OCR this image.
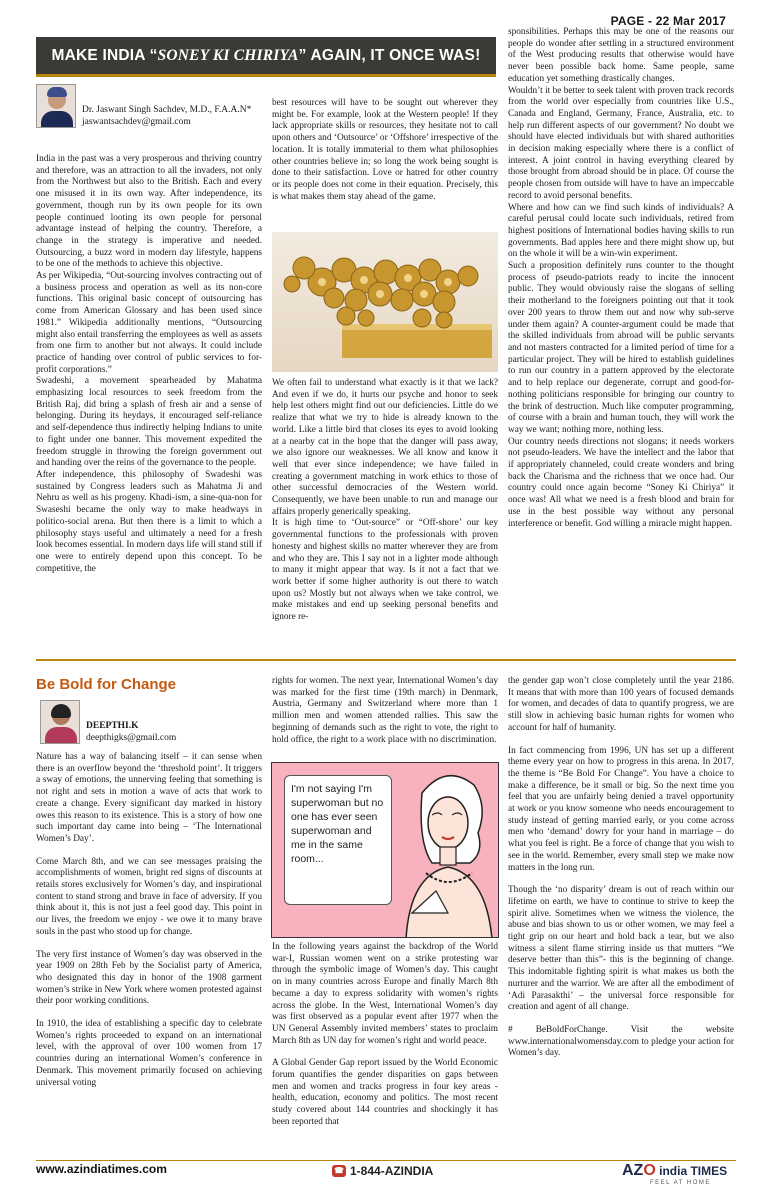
PAGE - 22 Mar 2017
MAKE INDIA “SONEY KI CHIRIYA” AGAIN, IT ONCE WAS!
Dr. Jaswant Singh Sachdev, M.D., F.A.A.N*
jaswantsachdev@gmail.com

India in the past was a very prosperous and thriving country and therefore, was an attraction to all the invaders, not only from the Northwest but also to the British. Each and every one misused it in its own way. After independence, its government, though run by its own people for its own people continued looting its own people for personal advantage instead of helping the country. Therefore, a change in the strategy is imperative and needed. Outsourcing, a buzz word in modern day lifestyle, happens to be one of the methods to achieve this objective.

As per Wikipedia, “Out-sourcing involves contracting out of a business process and operation as well as its non-core functions. This original basic concept of outsourcing has come from American Glossary and has been used since 1981.” Wikipedia additionally mentions, “Outsourcing might also entail transferring the employees as well as assets from one firm to another but not always. It could include practice of handing over control of public services to for-profit corporations.”

Swadeshi, a movement spearheaded by Mahatma emphasizing local resources to seek freedom from the British Raj, did bring a splash of fresh air and a sense of belonging. During its heydays, it encouraged self-reliance and self-dependence thus indirectly helping Indians to unite to fight under one banner. This movement expedited the freedom struggle in throwing the foreign government out and handing over the reins of the governance to the people.

After independence, this philosophy of Swadeshi was sustained by Congress leaders such as Mahatma Ji and Nehru as well as his progeny. Khadi-ism, a sine-qua-non for Swaseshi became the only way to make headways in politico-social arena. But then there is a limit to which a philosophy stays useful and ultimately a need for a fresh look becomes essential. In modern days life will stand still if one were to entirely depend upon this concept. To be competitive, the

best resources will have to be sought out wherever they might be. For example, look at the Western people! If they lack appropriate skills or resources, they hesitate not to call upon others and ‘Outsource’ or ‘Offshore’ irrespective of the location. It is totally immaterial to them what philosophies other countries believe in; so long the work being sought is done to their satisfaction. Love or hatred for other country or its people does not come in their equation. Precisely, this is what makes them stay ahead of the game.

We often fail to understand what exactly is it that we lack? And even if we do, it hurts our psyche and honor to seek help lest others might find out our deficiencies. Little do we realize that what we try to hide is already known to the world. Like a little bird that closes its eyes to avoid looking at a nearby cat in the hope that the danger will pass away, we also ignore our weaknesses. We all know and know it well that ever since independence; we have failed in creating a government matching in work ethics to those of other successful democracies of the Western world. Consequently, we have been unable to run and manage our affairs properly generically speaking.

It is high time to ‘Out-source” or “Off-shore’ our key governmental functions to the professionals with proven honesty and highest skills no matter wherever they are from and who they are. This I say not in a lighter mode although to many it might appear that way. Is it not a fact that we work better if some higher authority is out there to watch upon us? Mostly but not always when we take control, we make mistakes and end up seeking personal benefits and ignore re-

sponsibilities. Perhaps this may be one of the reasons our people do wonder after settling in a structured environment of the West producing results that otherwise would have never been possible back home. Same people, same education yet something drastically changes.

Wouldn’t it be better to seek talent with proven track records from the world over especially from countries like U.S., Canada and England, Germany, France, Australia, etc. to help run different aspects of our government? No doubt we should have elected individuals but with shared authorities in decision making especially where there is a conflict of interest. A joint control in having everything cleared by those brought from abroad should be in place. Of course the people chosen from outside will have to have an impeccable record to avoid personal benefits.

Where and how can we find such kinds of individuals? A careful perusal could locate such individuals, retired from highest positions of International bodies having skills to run governments. Bad apples here and there might show up, but on the whole it will be a win-win experiment.

Such a proposition definitely runs counter to the thought process of pseudo-patriots ready to incite the innocent public. They would obviously raise the slogans of selling their motherland to the foreigners pointing out that it took over 200 years to throw them out and now why sub-serve under them again? A counter-argument could be made that the skilled individuals from abroad will be public servants and not masters contracted for a limited period of time for a particular project. They will be hired to establish guidelines to run our country in a pattern approved by the electorate and to help replace our degenerate, corrupt and good-for-nothing politicians responsible for bringing our country to the brink of destruction. Much like computer programming, of course with a brain and human touch, they will work the way we want; nothing more, nothing less.

Our country needs directions not slogans; it needs workers not pseudo-leaders. We have the intellect and the labor that if appropriately channeled, could create wonders and bring back the Charisma and the richness that we once had. Our country could once again become “Soney Ki Chiriya” it once was! All what we need is a fresh blood and brain for use in the best possible way without any personal interference or benefit. God willing a miracle might happen.

Be Bold for Change
DEEPTHI.K
deepthigks@gmail.com

Nature has a way of balancing itself – it can sense when there is an overflow beyond the ‘threshold point’. It triggers a sway of emotions, the unnerving feeling that something is not right and sets in motion a wave of acts that work to create a change. Every significant day marked in history owes this reason to its existence. This is a story of how one such important day came into being – ‘The International Women’s Day’.

Come March 8th, and we can see messages praising the accomplishments of women, bright red signs of discounts at retails stores exclusively for Women’s day, and inspirational content to stand strong and brave in face of adversity. If you think about it, this is not just a feel good day. This point in our lives, the freedom we enjoy - we owe it to many brave souls in the past who stood up for change.

The very first instance of Women’s day was observed in the year 1909 on 28th Feb by the Socialist party of America, who designated this day in honor of the 1908 garment women’s strike in New York where women protested against their poor working conditions.

In 1910, the idea of establishing a specific day to celebrate Women’s rights proceeded to expand on an international level, with the approval of over 100 women from 17 countries during an international Women’s conference in Denmark. This movement primarily focused on achieving universal voting

rights for women. The next year, International Women’s day was marked for the first time (19th march) in Denmark, Austria, Germany and Switzerland where more than 1 million men and women attended rallies. This saw the beginning of demands such as the right to vote, the right to hold office, the right to a work place with no discrimination.

I'm not saying I'm superwoman but no one has ever seen superwoman and me in the same room...

In the following years against the backdrop of the World war-I, Russian women went on a strike protesting war through the symbolic image of Women’s day. This caught on in many countries across Europe and finally March 8th became a day to express solidarity with women’s rights across the globe. In the West, International Women’s day was first observed as a popular event after 1977 when the UN General Assembly invited members’ states to proclaim March 8th as UN day for women’s right and world peace.

A Global Gender Gap report issued by the World Economic forum quantifies the gender disparities on gaps between men and women and tracks progress in four key areas - health, education, economy and politics. The most recent study covered about 144 countries and shockingly it has been reported that

the gender gap won’t close completely until the year 2186. It means that with more than 100 years of focused demands for women, and decades of data to quantify progress, we are still slow in achieving basic human rights for women who account for half of humanity.

In fact commencing from 1996, UN has set up a different theme every year on how to progress in this arena. In 2017, the theme is “Be Bold For Change”. You have a choice to make a difference, be it small or big. So the next time you feel that you are unfairly being denied a travel opportunity at work or you know someone who needs encouragement to study instead of getting married early, or you come across men who ‘demand’ dowry for your hand in marriage – do what you feel is right. Be a force of change that you wish to see in the world. Remember, every small step we make now matters in the long run.

Though the ‘no disparity’ dream is out of reach within our lifetime on earth, we have to continue to strive to keep the spirit alive. Sometimes when we witness the violence, the abuse and bias shown to us or other women, we may feel a tight grip on our heart and hold back a tear, but we also witness a silent flame stirring inside us that mutters “We deserve better than this”- this is the beginning of change. This indomitable fighting spirit is what makes us both the nurturer and the warrior. We are after all the embodiment of ‘Adi Parasakthi’ – the universal force responsible for creation and agent of all change.

# BeBoldForChange. Visit the website www.internationalwomensday.com to pledge your action for Women’s day.

www.azindiatimes.com	☎ 1-844-AZINDIA	AZO india TIMES
FEEL AT HOME
